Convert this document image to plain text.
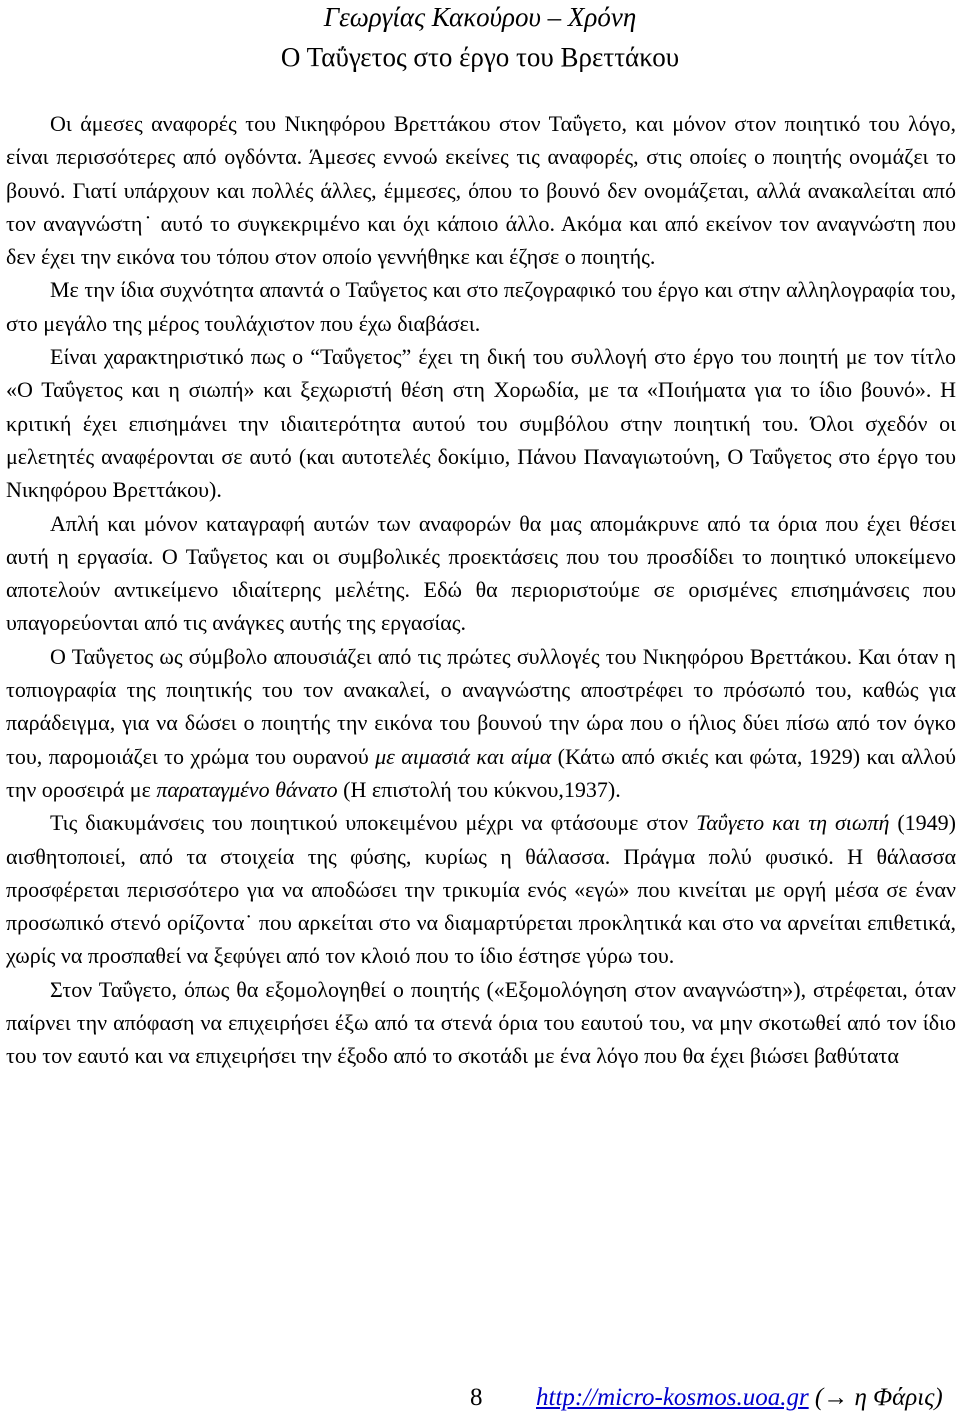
Γεωργίας Κακούρου – Χρόνη
Ο Ταΰγετος στο έργο του Βρεττάκου

Οι άμεσες αναφορές του Νικηφόρου Βρεττάκου στον Ταΰγετο, και μόνον στον ποιητικό του λόγο, είναι περισσότερες από ογδόντα. Άμεσες εννοώ εκείνες τις αναφορές, στις οποίες ο ποιητής ονομάζει το βουνό. Γιατί υπάρχουν και πολλές άλλες, έμμεσες, όπου το βουνό δεν ονομάζεται, αλλά ανακαλείται από τον αναγνώστη˙ αυτό το συγκεκριμένο και όχι κάποιο άλλο. Ακόμα και από εκείνον τον αναγνώστη που δεν έχει την εικόνα του τόπου στον οποίο γεννήθηκε και έζησε ο ποιητής.

Με την ίδια συχνότητα απαντά ο Ταΰγετος και στο πεζογραφικό του έργο και στην αλληλογραφία του, στο μεγάλο της μέρος τουλάχιστον που έχω διαβάσει.

Είναι χαρακτηριστικό πως ο “Ταΰγετος” έχει τη δική του συλλογή στο έργο του ποιητή με τον τίτλο «Ο Ταΰγετος και η σιωπή» και ξεχωριστή θέση στη Χορωδία, με τα «Ποιήματα για το ίδιο βουνό». Η κριτική έχει επισημάνει την ιδιαιτερότητα αυτού του συμβόλου στην ποιητική του. Όλοι σχεδόν οι μελετητές αναφέρονται σε αυτό (και αυτοτελές δοκίμιο, Πάνου Παναγιωτούνη, Ο Ταΰγετος στο έργο του Νικηφόρου Βρεττάκου).

Απλή και μόνον καταγραφή αυτών των αναφορών θα μας απομάκρυνε από τα όρια που έχει θέσει αυτή η εργασία. Ο Ταΰγετος και οι συμβολικές προεκτάσεις που του προσδίδει το ποιητικό υποκείμενο αποτελούν αντικείμενο ιδιαίτερης μελέτης. Εδώ θα περιοριστούμε σε ορισμένες επισημάνσεις που υπαγορεύονται από τις ανάγκες αυτής της εργασίας.

Ο Ταΰγετος ως σύμβολο απουσιάζει από τις πρώτες συλλογές του Νικηφόρου Βρεττάκου. Και όταν η τοπιογραφία της ποιητικής του τον ανακαλεί, ο αναγνώστης αποστρέφει το πρόσωπό του, καθώς για παράδειγμα, για να δώσει ο ποιητής την εικόνα του βουνού την ώρα που ο ήλιος δύει πίσω από τον όγκο του, παρομοιάζει το χρώμα του ουρανού με αιμασιά και αίμα (Κάτω από σκιές και φώτα, 1929) και αλλού την οροσειρά με παραταγμένο θάνατο (Η επιστολή του κύκνου,1937).

Τις διακυμάνσεις του ποιητικού υποκειμένου μέχρι να φτάσουμε στον Ταΰγετο και τη σιωπή (1949) αισθητοποιεί, από τα στοιχεία της φύσης, κυρίως η θάλασσα. Πράγμα πολύ φυσικό. Η θάλασσα προσφέρεται περισσότερο για να αποδώσει την τρικυμία ενός «εγώ» που κινείται με οργή μέσα σε έναν προσωπικό στενό ορίζοντα˙ που αρκείται στο να διαμαρτύρεται προκλητικά και στο να αρνείται επιθετικά, χωρίς να προσπαθεί να ξεφύγει από τον κλοιό που το ίδιο έστησε γύρω του.

Στον Ταΰγετο, όπως θα εξομολογηθεί ο ποιητής («Εξομολόγηση στον αναγνώστη»), στρέφεται, όταν παίρνει την απόφαση να επιχειρήσει έξω από τα στενά όρια του εαυτού του, να μην σκοτωθεί από τον ίδιο του τον εαυτό και να επιχειρήσει την έξοδο από το σκοτάδι με ένα λόγο που θα έχει βιώσει βαθύτατα

8 http://micro-kosmos.uoa.gr (→ η Φάρις)
